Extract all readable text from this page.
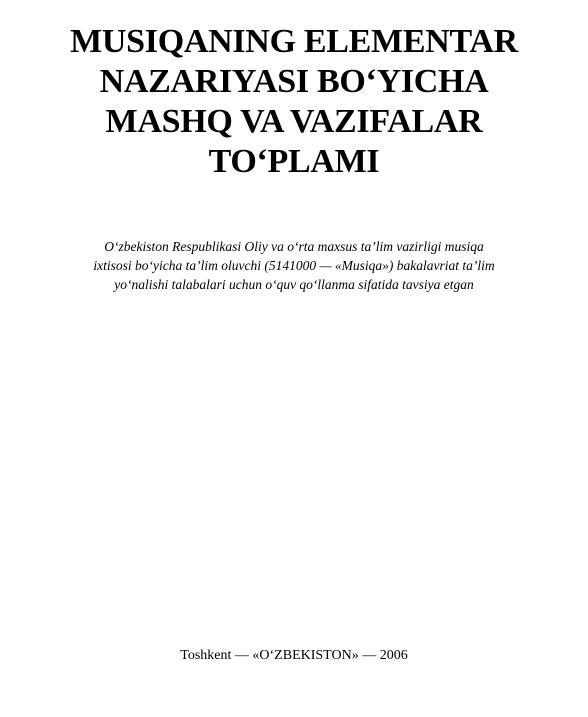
MUSIQANING ELEMENTAR
NAZARIYASI BO‘YICHA
MASHQ VA VAZIFALAR
TO‘PLAMI

O‘zbekiston Respublikasi Oliy va o‘rta maxsus ta’lim vazirligi musiqa
ixtisosi bo‘yicha ta’lim oluvchi (5141000 — «Musiqa») bakalavriat ta’lim
yo‘nalishi talabalari uchun o‘quv qo‘llanma sifatida tavsiya etgan

Toshkent — «O‘ZBEKISTON» — 2006
